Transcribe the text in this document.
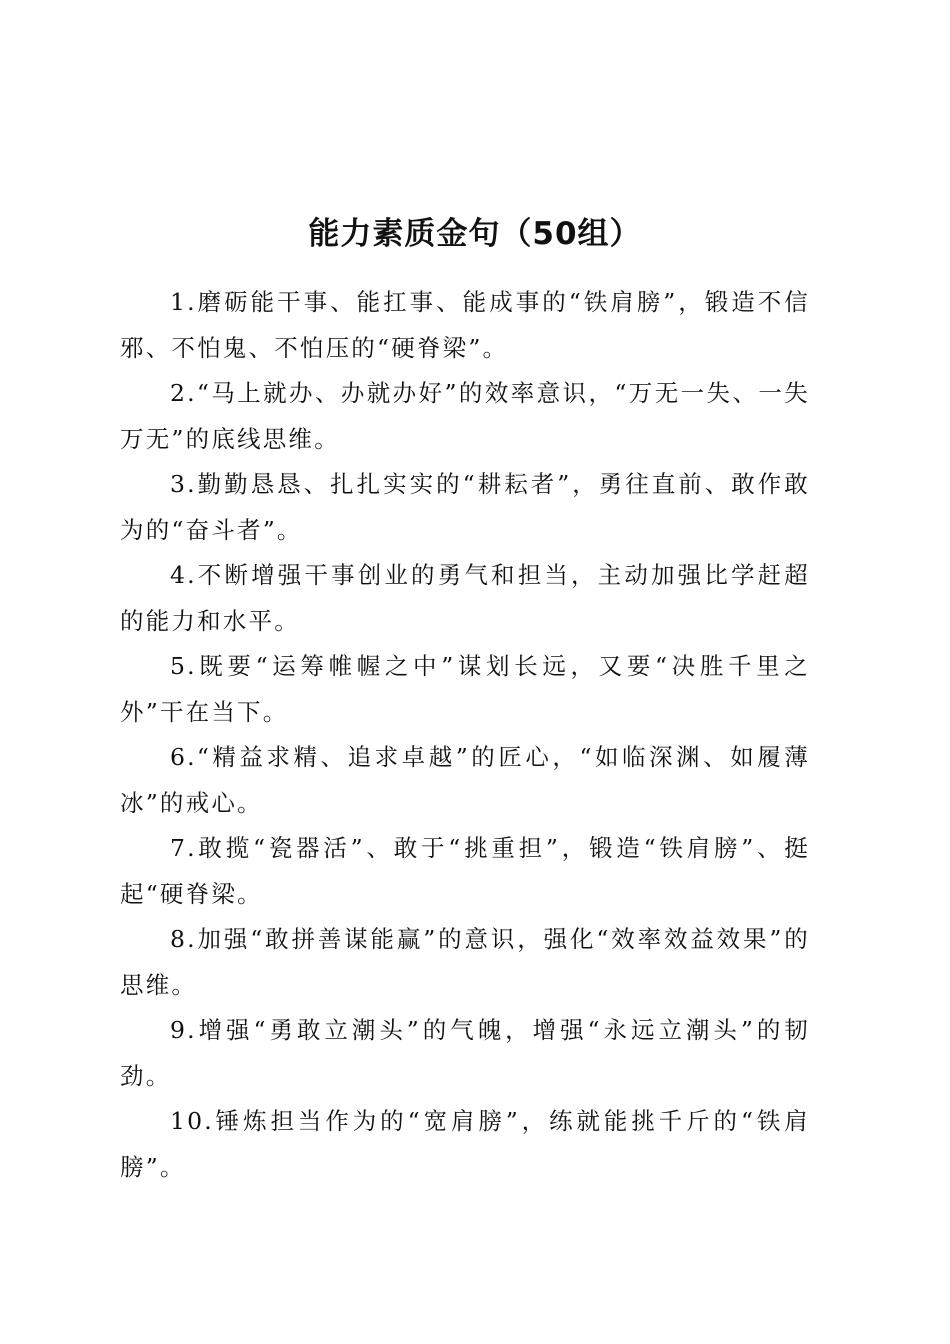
能力素质金句（50组）

1.磨砺能干事、能扛事、能成事的“铁肩膀”，锻造不信邪、不怕鬼、不怕压的“硬脊梁”。

2.“马上就办、办就办好”的效率意识，“万无一失、一失万无”的底线思维。

3.勤勤恳恳、扎扎实实的“耕耘者”，勇往直前、敢作敢为的“奋斗者”。

4.不断增强干事创业的勇气和担当，主动加强比学赶超的能力和水平。

5.既要“运筹帷幄之中”谋划长远，又要“决胜千里之外”干在当下。

6.“精益求精、追求卓越”的匠心，“如临深渊、如履薄冰”的戒心。

7.敢揽“瓷器活”、敢于“挑重担”，锻造“铁肩膀”、挺起“硬脊梁。

8.加强“敢拼善谋能赢”的意识，强化“效率效益效果”的思维。

9.增强“勇敢立潮头”的气魄，增强“永远立潮头”的韧劲。

10.锤炼担当作为的“宽肩膀”，练就能挑千斤的“铁肩膀”。
